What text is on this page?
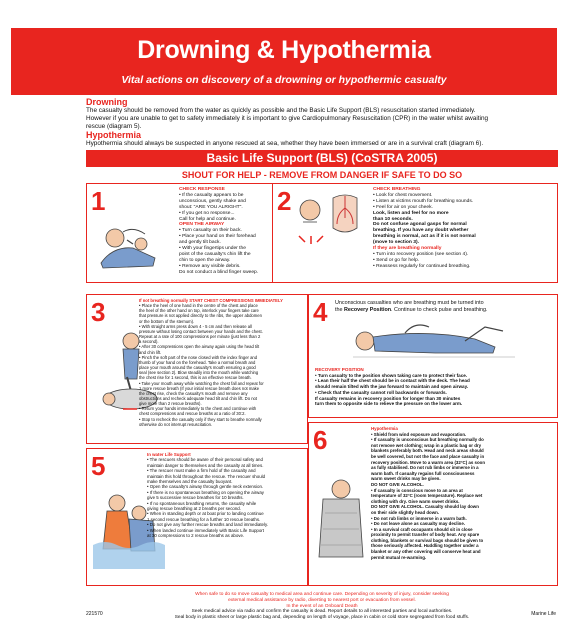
Drowning & Hypothermia
Vital actions on discovery of a drowning or hypothermic casualty
Drowning
The casualty should be removed from the water as quickly as possible and the Basic Life Support (BLS) resuscitation started immediately.
However if you are unable to get to safety immediately it is important to give Cardiopulmonary Resuscitation (CPR) in the water whilst awaiting
rescue (diagram 5).
Hypothermia
Hypothermia should always be suspected in anyone rescued at sea, whether they have been immersed or are in a survival craft (diagram 6).
Basic Life Support (BLS) (CoSTRA 2005)
SHOUT FOR HELP - REMOVE FROM DANGER IF SAFE TO DO SO
1	CHECK RESPONSE
• If the casualty appears to be
unconscious, gently shake and
shout: "ARE YOU ALRIGHT".
• If you get no response...
Call for help and continue.
OPEN THE AIRWAY
• Turn casualty on their back.
• Place your hand on their forehead
and gently tilt back.
• With your fingertips under the
point of the casualty's chin lift the
chin to open the airway.
• Remove any visible debris.
Do not conduct a blind finger sweep.
2	CHECK BREATHING
• Look for chest movement.
• Listen at victims mouth for breathing sounds.
• Feel for air on your cheek.
Look, listen and feel for no more
than 10 seconds.
Do not confuse agonal gasps for normal
breathing. If you have any doubt whether
breathing is normal, act as if it is not normal
(move to section 3).
If they are breathing normally
• Turn into recovery position (see section 4).
• Send or go for help.
• Reassess regularly for continued breathing.
3	If not breathing normally START CHEST COMPRESSIONS IMMEDIATELY
• Place the heel of one hand in the centre of the chest and place
the heel of the other hand on top, interlock your fingers take care
that pressure is not applied directly to the ribs, the upper abdomen
or the bottom of the sternum).
• With straight arms press down 4 - 5 cm and then release all
pressure without losing contact between your hands and the chest.
Repeat at a rate of 100 compressions per minute (just less than 2
a second).
• After 30 compressions open the airway again using the head tilt
and chin lift.
• Pinch the soft part of the nose closed with the index finger and
thumb of your hand on the forehead. Take a normal breath and
place your mouth around the casualty's mouth ensuring a good
seal (see section 2). Blow steadily into the mouth while watching
the chest rise for 1 second, this is an effective rescue breath.
• Take your mouth away while watching the chest fall and repeat for
1 more rescue breath (If your initial rescue breath does not make
the chest rise, check the casualty's mouth and remove any
obstructions and recheck adequate head tilt and chin lift. Do not
give more than 2 rescue breaths).
• Return your hands immediately to the chest and continue with
chest compressions and rescue breaths at a ratio of 30:2.
• Stop to recheck the casualty only if they start to breathe normally
otherwise do not interrupt resuscitation.
4 Unconscious casualties who are breathing must be turned into
the Recovery Position. Continue to check pulse and breathing.
RECOVERY POSITION
• Turn casualty to the position shown taking care to protect their face.
• Lean their half the chest should be in contact with the deck. The head
should remain tilted with the jaw forward to maintain and open airway.
• Check that the casualty cannot roll backwards or forwards.
If casualty remains in recovery position for longer than 30 minutes
turn them to opposite side to relieve the pressure on the lower arm.
5	In water Life Support
• The rescuers should be aware of their personal safety and
maintain danger to themselves and the casualty at all times.
• The rescuer must make a firm hold of the casualty and
maintain this hold throughout the rescue. The rescuer should
make themselves and the casualty buoyant.
• Open the casualty's airway through gentle neck extension.
• If there is no spontaneous breathing on opening the airway
give 5 successive rescue breathes for 10 breaths.
• If no spontaneous breathing returns, the casualty while
giving rescue breathing at 2 breaths per second.
• When in standing depth or at boat prior to landing continue
1 second rescue breathing for a further 10 rescue breaths.
• Do not give any further rescue breaths and land immediately.
• When landed continue immediately with Basic Life Support
at 30 compressions to 2 rescue breaths as above.
6	Hypothermia
• Shield from wind exposure and evaporation.
• If casualty is unconscious but breathing normally do
not remove wet clothing; wrap in a plastic bag or dry
blankets preferably both. Head and neck areas should
be well covered, but not the face and place casualty in
recovery position. Move to a warm area (32°C) as soon
as fully stabilised. Do not rub limbs or immerse in a
warm bath. If casualty regains full consciousness
warm sweet drinks may be given.
DO NOT GIVE ALCOHOL.
• If casualty is conscious move to an area at
temperature of 32°C (room temperature). Replace wet
clothing with dry. Give warm sweet drinks.
DO NOT GIVE ALCOHOL. Casualty should lay down
on their side slightly head down.
• Do not rub limbs or immerse in a warm bath.
• Do not leave alone as casualty may decline.
• In a survival craft occupants should sit in close
proximity to permit transfer of body heat. Any spare
clothing, blankets or survival bags should be given to
those seriously affected. Huddling together under a
blanket or any other covering will conserve heat and
permit mutual re-warming.
When safe to do so move casualty to medical area and continue care. Depending on severity of injury, consider seeking
external medical assistance by radio, diverting to nearest port or evacuation from vessel.
In the event of an Onboard Death
Seek medical advice via radio and confirm the casualty is dead. Report details to all interested parties and local authorities.
Seal body in plastic sheet or large plastic bag and, depending on length of voyage, place in cabin or cold store segregated from food stuffs.
221570	Marine Life
